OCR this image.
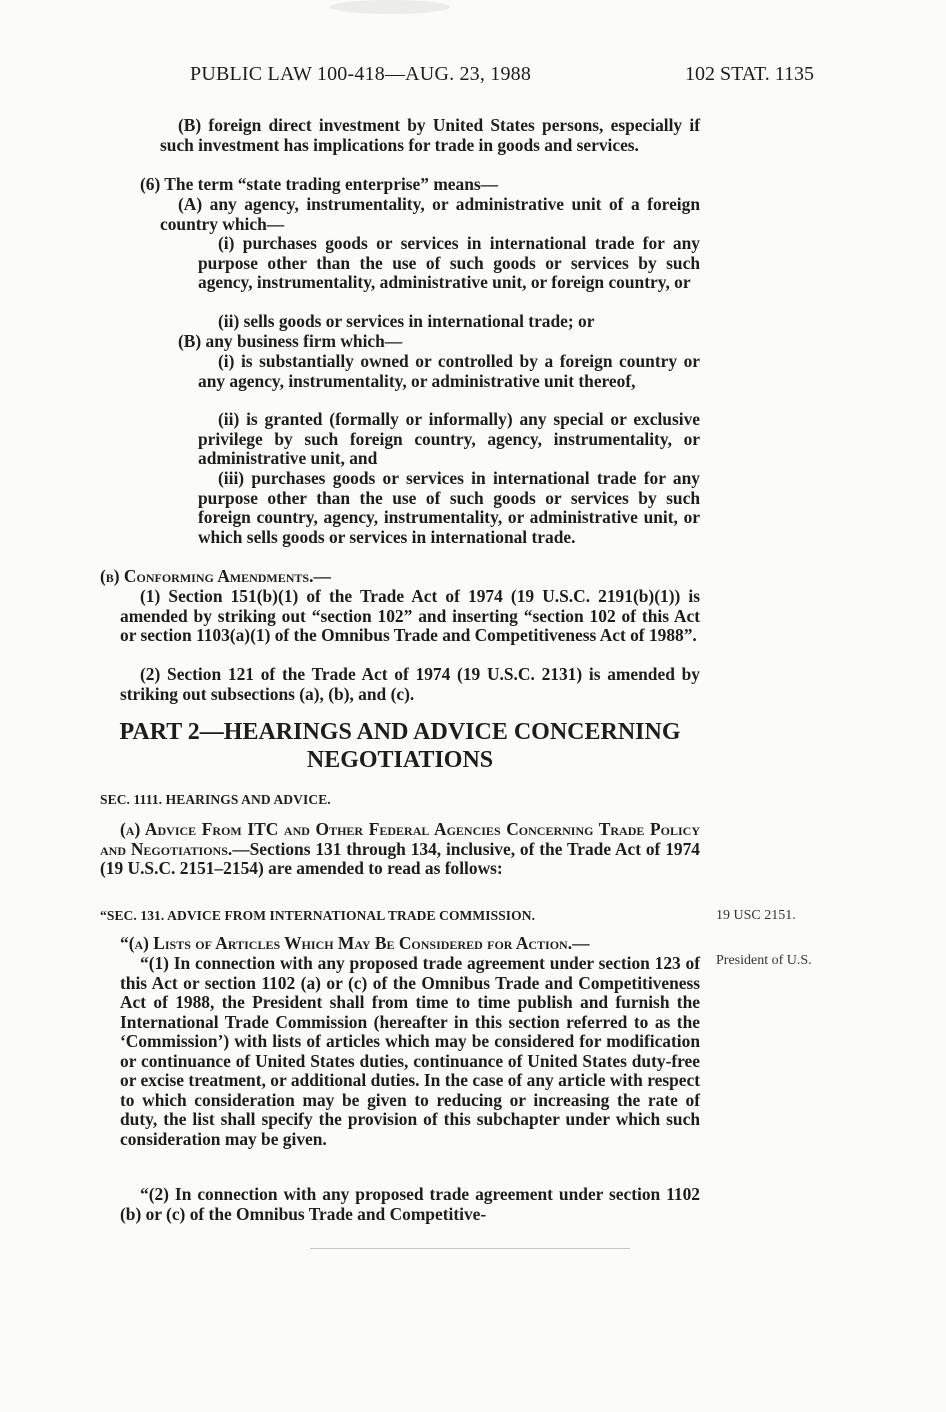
PUBLIC LAW 100-418—AUG. 23, 1988	102 STAT. 1135

(B) foreign direct investment by United States persons, especially if such investment has implications for trade in goods and services.

(6) The term “state trading enterprise” means—

(A) any agency, instrumentality, or administrative unit of a foreign country which—

(i) purchases goods or services in international trade for any purpose other than the use of such goods or services by such agency, instrumentality, administrative unit, or foreign country, or

(ii) sells goods or services in international trade; or

(B) any business firm which—

(i) is substantially owned or controlled by a foreign country or any agency, instrumentality, or administrative unit thereof,

(ii) is granted (formally or informally) any special or exclusive privilege by such foreign country, agency, instrumentality, or administrative unit, and

(iii) purchases goods or services in international trade for any purpose other than the use of such goods or services by such foreign country, agency, instrumentality, or administrative unit, or which sells goods or services in international trade.

(b) Conforming Amendments.—

(1) Section 151(b)(1) of the Trade Act of 1974 (19 U.S.C. 2191(b)(1)) is amended by striking out “section 102” and inserting “section 102 of this Act or section 1103(a)(1) of the Omnibus Trade and Competitiveness Act of 1988”.

(2) Section 121 of the Trade Act of 1974 (19 U.S.C. 2131) is amended by striking out subsections (a), (b), and (c).

PART 2—HEARINGS AND ADVICE CONCERNING NEGOTIATIONS
SEC. 1111. HEARINGS AND ADVICE.

(a) Advice From ITC and Other Federal Agencies Concerning Trade Policy and Negotiations.—Sections 131 through 134, inclusive, of the Trade Act of 1974 (19 U.S.C. 2151–2154) are amended to read as follows:

“SEC. 131. ADVICE FROM INTERNATIONAL TRADE COMMISSION.	19 USC 2151.

“(a) Lists of Articles Which May Be Considered for Action.—

President of U.S.

“(1) In connection with any proposed trade agreement under section 123 of this Act or section 1102 (a) or (c) of the Omnibus Trade and Competitiveness Act of 1988, the President shall from time to time publish and furnish the International Trade Commission (hereafter in this section referred to as the ‘Commission’) with lists of articles which may be considered for modification or continuance of United States duties, continuance of United States duty-free or excise treatment, or additional duties. In the case of any article with respect to which consideration may be given to reducing or increasing the rate of duty, the list shall specify the provision of this subchapter under which such consideration may be given.

“(2) In connection with any proposed trade agreement under section 1102 (b) or (c) of the Omnibus Trade and Competitive-
